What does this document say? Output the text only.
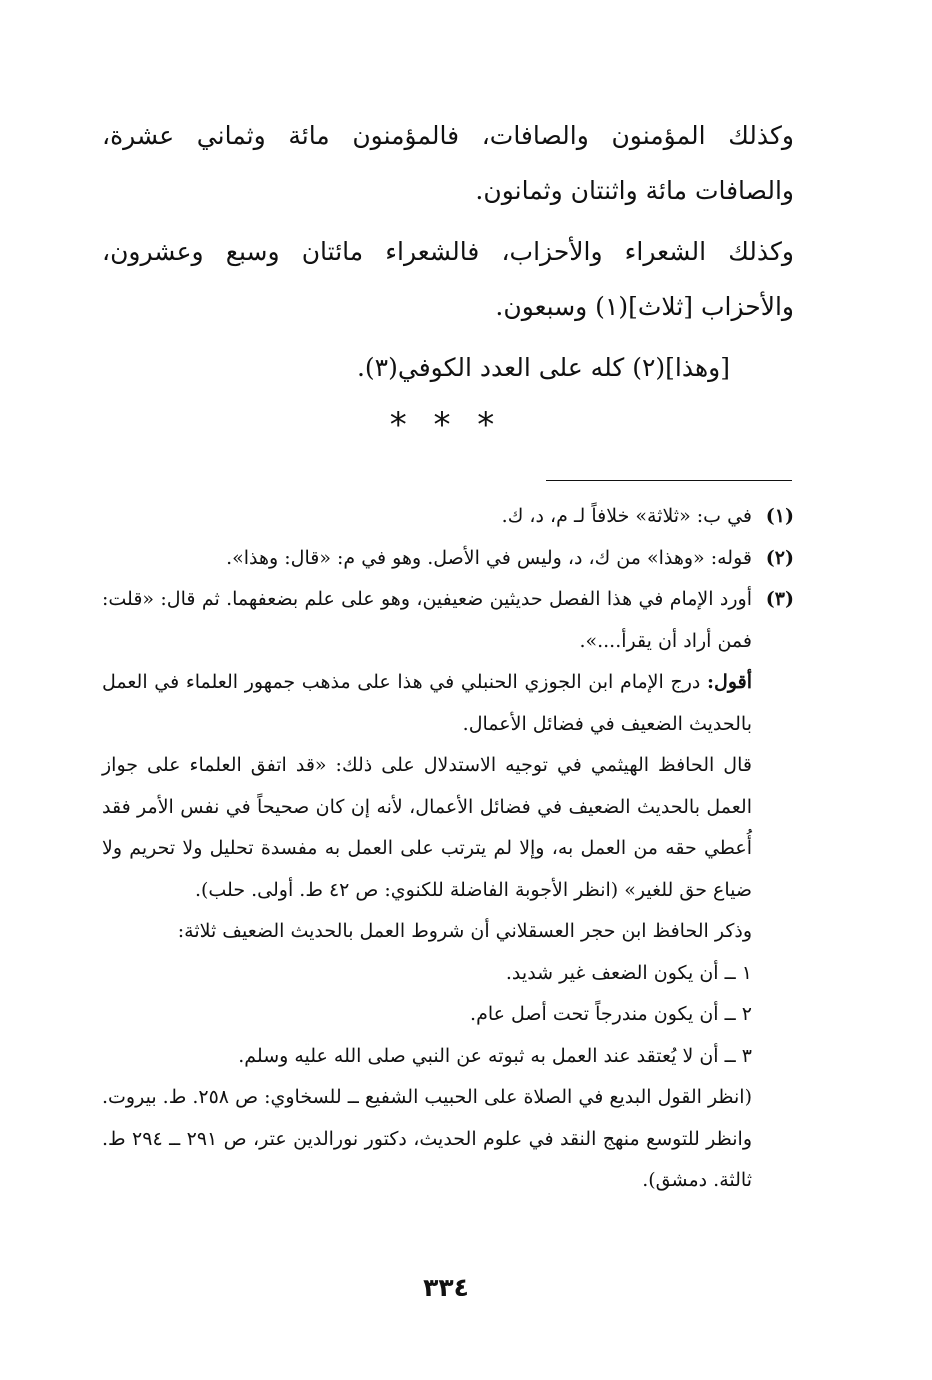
وكذلك المؤمنون والصافات، فالمؤمنون مائة وثماني عشرة، والصافات مائة واثنتان وثمانون.

وكذلك الشعراء والأحزاب، فالشعراء مائتان وسبع وعشرون، والأحزاب [ثلاث](١) وسبعون.

[وهذا](٢) كله على العدد الكوفي(٣).

* * *
(١)
في ب: «ثلاثة» خلافاً لـ م، د، ك.
(٢)
قوله: «وهذا» من ك، د، وليس في الأصل. وهو في م: «قال: وهذا».
(٣)
أورد الإمام في هذا الفصل حديثين ضعيفين، وهو على علم بضعفهما. ثم قال: «قلت: فمن أراد أن يقرأ....».

أقول: درج الإمام ابن الجوزي الحنبلي في هذا على مذهب جمهور العلماء في العمل بالحديث الضعيف في فضائل الأعمال.

قال الحافظ الهيثمي في توجيه الاستدلال على ذلك: «قد اتفق العلماء على جواز العمل بالحديث الضعيف في فضائل الأعمال، لأنه إن كان صحيحاً في نفس الأمر فقد أُعطي حقه من العمل به، وإلا لم يترتب على العمل به مفسدة تحليل ولا تحريم ولا ضياع حق للغير» (انظر الأجوبة الفاضلة للكنوي: ص ٤٢ ط. أولى. حلب).

وذكر الحافظ ابن حجر العسقلاني أن شروط العمل بالحديث الضعيف ثلاثة:

١ ــ أن يكون الضعف غير شديد.

٢ ــ أن يكون مندرجاً تحت أصل عام.

٣ ــ أن لا يُعتقد عند العمل به ثبوته عن النبي صلى الله عليه وسلم.

(انظر القول البديع في الصلاة على الحبيب الشفيع ــ للسخاوي: ص ٢٥٨. ط. بيروت. وانظر للتوسع منهج النقد في علوم الحديث، دكتور نورالدين عتر، ص ٢٩١ ــ ٢٩٤ ط. ثالثة. دمشق).

٣٣٤
